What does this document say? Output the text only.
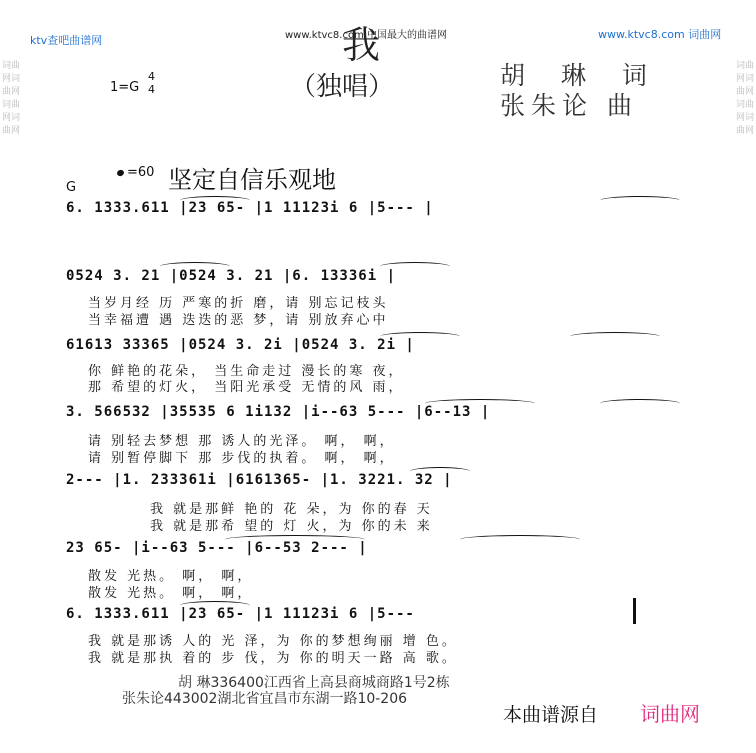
ktv查吧曲谱网	www.ktvc8.com 中国最大的曲谱网	www.ktvc8.com 词曲网
词曲网词曲网词曲网词曲网
词曲网词曲网词曲网词曲网
我
（独唱）	胡 琳 词
张朱论 曲
1=G
4
4
=60 坚定自信乐观地
G
6. 1333.611 |23 65- |1 11123i 6 |5--- |
0524 3. 21 |0524 3. 21 |6. 13336i |
当岁月经 历 严寒的折 磨，请 别忘记枝头
当幸福遭 遇 迭迭的恶 梦，请 别放弃心中
61613 33365 |0524 3. 2i |0524 3. 2i |
你 鲜艳的花朵， 当生命走过 漫长的寒 夜，
那 希望的灯火， 当阳光承受 无情的风 雨，
3. 566532 |35535 6 1i132 |i--63 5--- |6--13 |
请 别轻去梦想 那 诱人的光泽。 啊， 啊，
请 别暂停脚下 那 步伐的执着。 啊， 啊，
2--- |1. 233361i |6161365- |1. 3221. 32 |
我 就是那鲜 艳的 花 朵，为 你的春 天
我 就是那希 望的 灯 火，为 你的未 来
23 65- |i--63 5--- |6--53 2--- |
散发 光热。 啊， 啊，
散发 光热。 啊， 啊，
6. 1333.611 |23 65- |1 11123i 6 |5---
我 就是那诱 人的 光 泽，为 你的梦想绚丽 增 色。
我 就是那执 着的 步 伐，为 你的明天一路 高 歌。
胡 琳336400江西省上高县商城商路1号2栋
张朱论443002湖北省宜昌市东湖一路10-206
本曲谱源自 词曲网
